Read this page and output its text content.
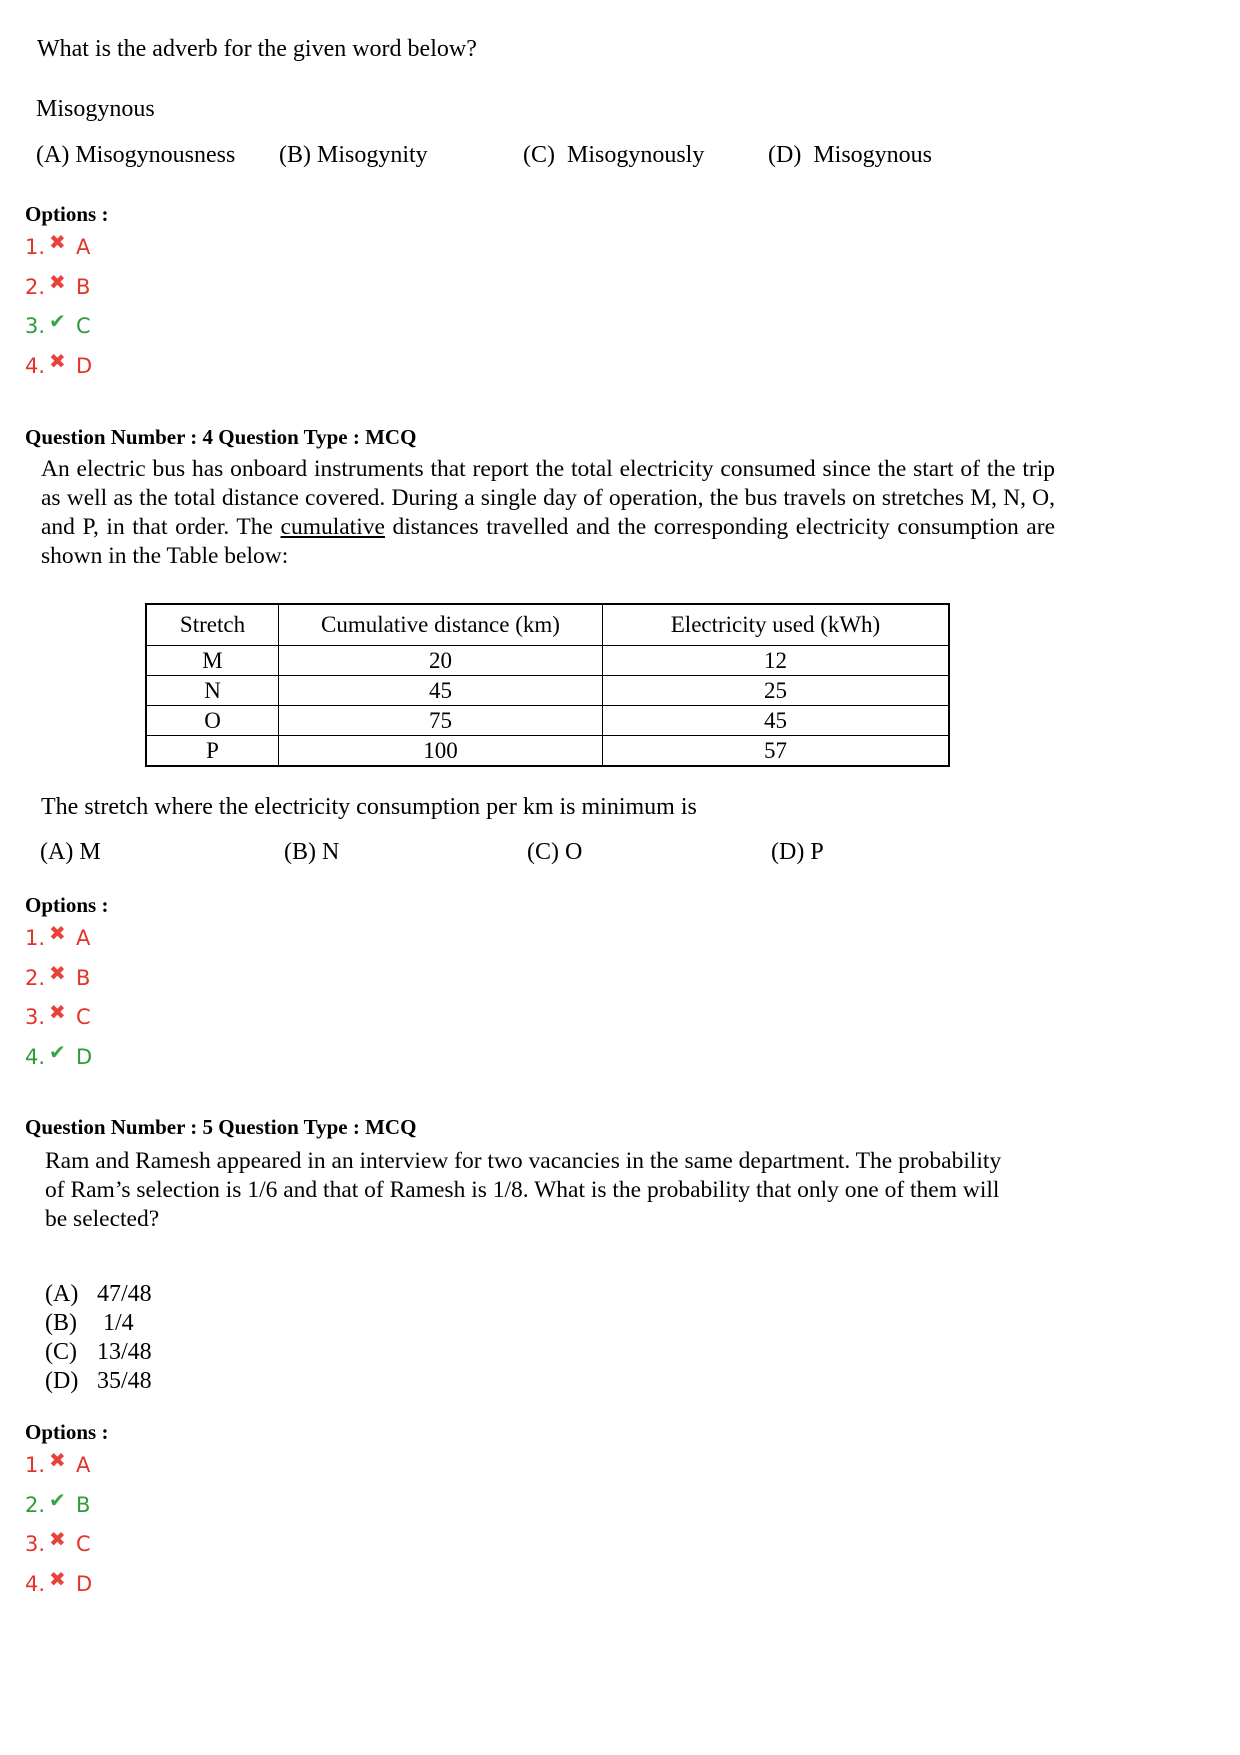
What is the adverb for the given word below?
Misogynous
(A) Misogynousness (B) Misogynity	(C)  Misogynously	(D)  Misogynous
Options :
Question Number : 4 Question Type : MCQ
An electric bus has onboard instruments that report the total electricity consumed since the start of the trip as well as the total distance covered. During a single day of operation, the bus travels on stretches M, N, O, and P, in that order. The cumulative distances travelled and the corresponding electricity consumption are shown in the Table below:
Stretch	Cumulative distance (km)	Electricity used (kWh)
M	20	12
N	45	25
O	75	45
P	100	57
The stretch where the electricity consumption per km is minimum is
(A) M	(B) N	(C) O	(D) P
Options :
Question Number : 5 Question Type : MCQ
Ram and Ramesh appeared in an interview for two vacancies in the same department. The probability of Ram’s selection is 1/6 and that of Ramesh is 1/8. What is the probability that only one of them will be selected?
(A) 47/48
(B) 1/4
(C) 13/48
(D) 35/48
Options :
1. ✖ A
2. ✖ B
3. ✔ C
4. ✖ D
1. ✖ A
2. ✖ B
3. ✖ C
4. ✔ D
1. ✖ A
2. ✔ B
3. ✖ C
4. ✖ D
